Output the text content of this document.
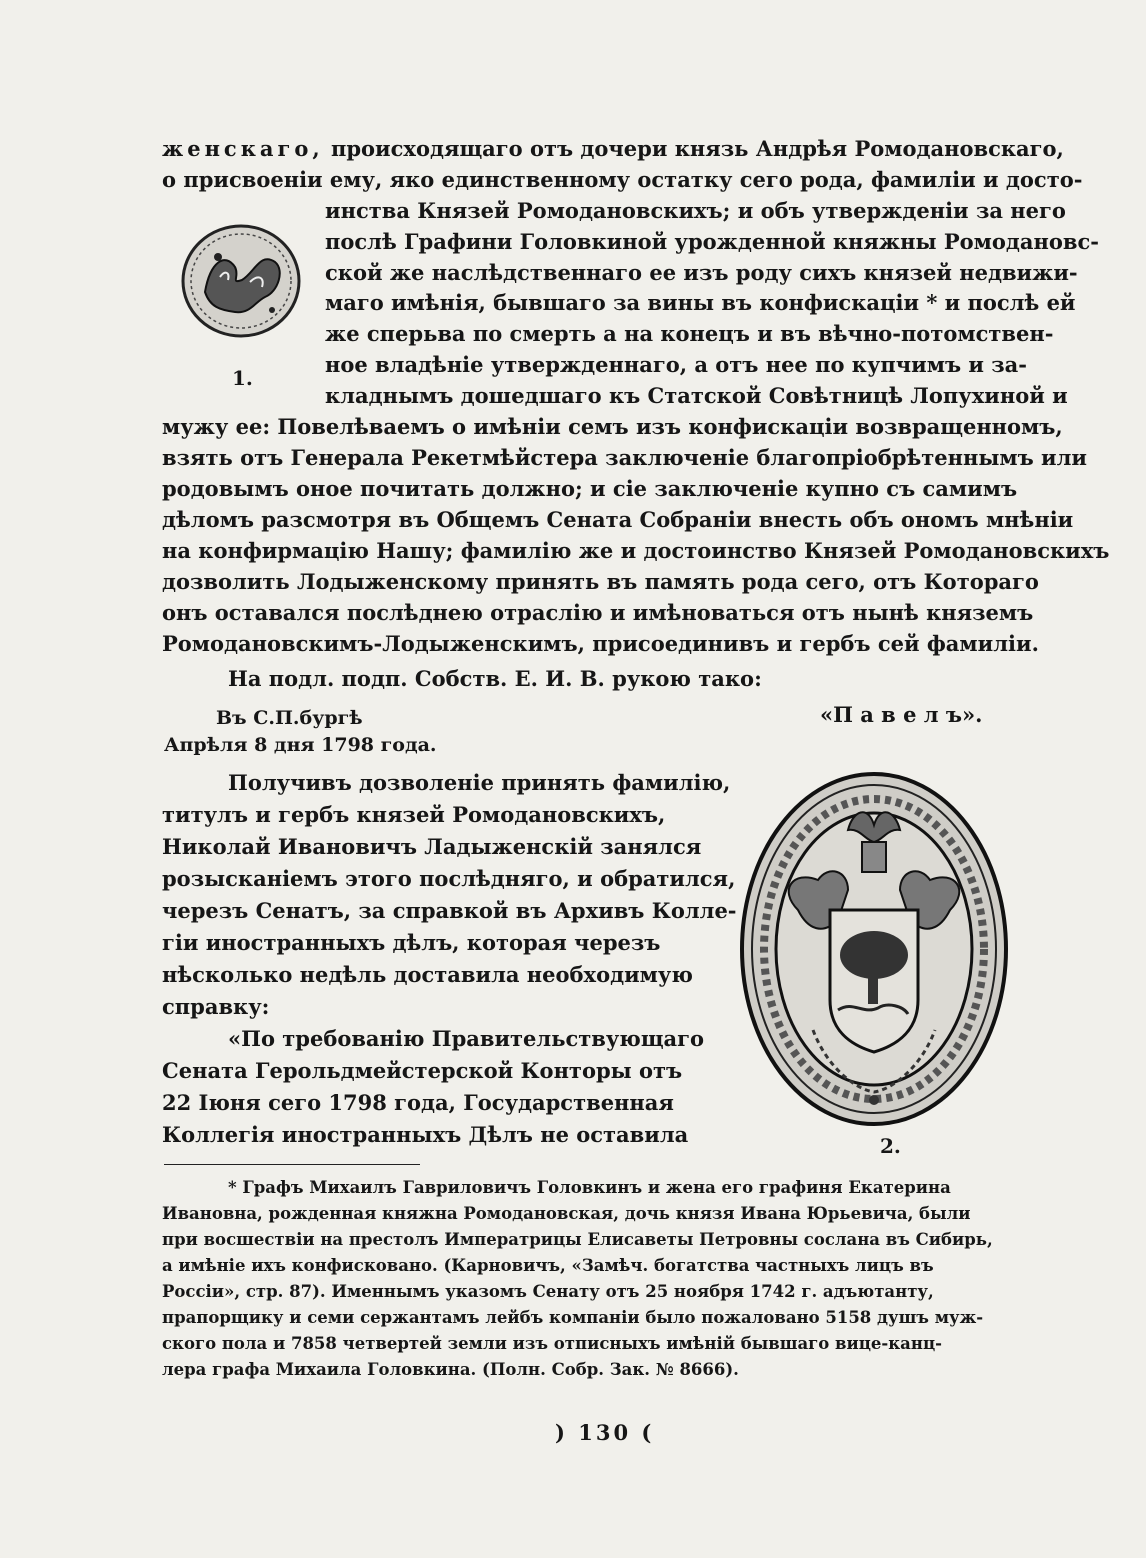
женскаго, происходящаго отъ дочери князь Андрѣя Ромодановскаго,
о присвоеніи ему, яко единственному остатку сего рода, фамиліи и досто-
инства Князей Ромодановскихъ; и объ утвержденіи за него
послѣ Графини Головкиной урожденной княжны Ромодановс-
ской же наслѣдственнаго ее изъ роду сихъ князей недвижи-
маго имѣнія, бывшаго за вины въ конфискаціи * и послѣ ей
же сперьва по смерть а на конецъ и въ вѣчно-потомствен-
ное владѣніе утвержденнаго, а отъ нее по купчимъ и за-
кладнымъ дошедшаго къ Статской Совѣтницѣ Лопухиной и
мужу ее: Повелѣваемъ о имѣніи семъ изъ конфискаціи возвращенномъ,
взять отъ Генерала Рекетмѣйстера заключеніе благопріобрѣтеннымъ или
родовымъ оное почитать должно; и сіе заключеніе купно съ самимъ
дѣломъ разсмотря въ Общемъ Сената Собраніи внесть объ ономъ мнѣніи
на конфирмацію Нашу; фамилію же и достоинство Князей Ромодановскихъ
дозволить Лодыженскому принять въ память рода сего, отъ Котораго
онъ оставался послѣднею отраслію и имѣноваться отъ нынѣ княземъ
Ромодановскимъ-Лодыженскимъ, присоединивъ и гербъ сей фамиліи.
На подл. подп. Собств. Е. И. В. рукою тако:
Въ С.П.бургѣ	«П а в е л ъ».
Апрѣля 8 дня 1798 года.
Получивъ дозволеніе принять фамилію,
титулъ и гербъ князей Ромодановскихъ,
Николай Ивановичъ Ладыженскій занялся
розысканіемъ этого послѣдняго, и обратился,
черезъ Сенатъ, за справкой въ Архивъ Колле-
гіи иностранныхъ дѣлъ, которая черезъ
нѣсколько недѣль доставила необходимую
справку:
«По требованію Правительствующаго
Сената Герольдмейстерской Конторы отъ
22 Іюня сего 1798 года, Государственная
Коллегія иностранныхъ Дѣлъ не оставила
1.
2.
* Графъ Михаилъ Гавриловичъ Головкинъ и жена его графиня Екатерина
Ивановна, рожденная княжна Ромодановская, дочь князя Ивана Юрьевича, были
при восшествіи на престолъ Императрицы Елисаветы Петровны сослана въ Сибирь,
а имѣніе ихъ конфисковано. (Карновичъ, «Замѣч. богатства частныхъ лицъ въ
Россіи», стр. 87). Именнымъ указомъ Сенату отъ 25 ноября 1742 г. адъютанту,
прапорщику и семи сержантамъ лейбъ компаніи было пожаловано 5158 душъ муж-
ского пола и 7858 четвертей земли изъ отписныхъ имѣній бывшаго вице-канц-
лера графа Михаила Головкина. (Полн. Собр. Зак. № 8666).
) 130 (
